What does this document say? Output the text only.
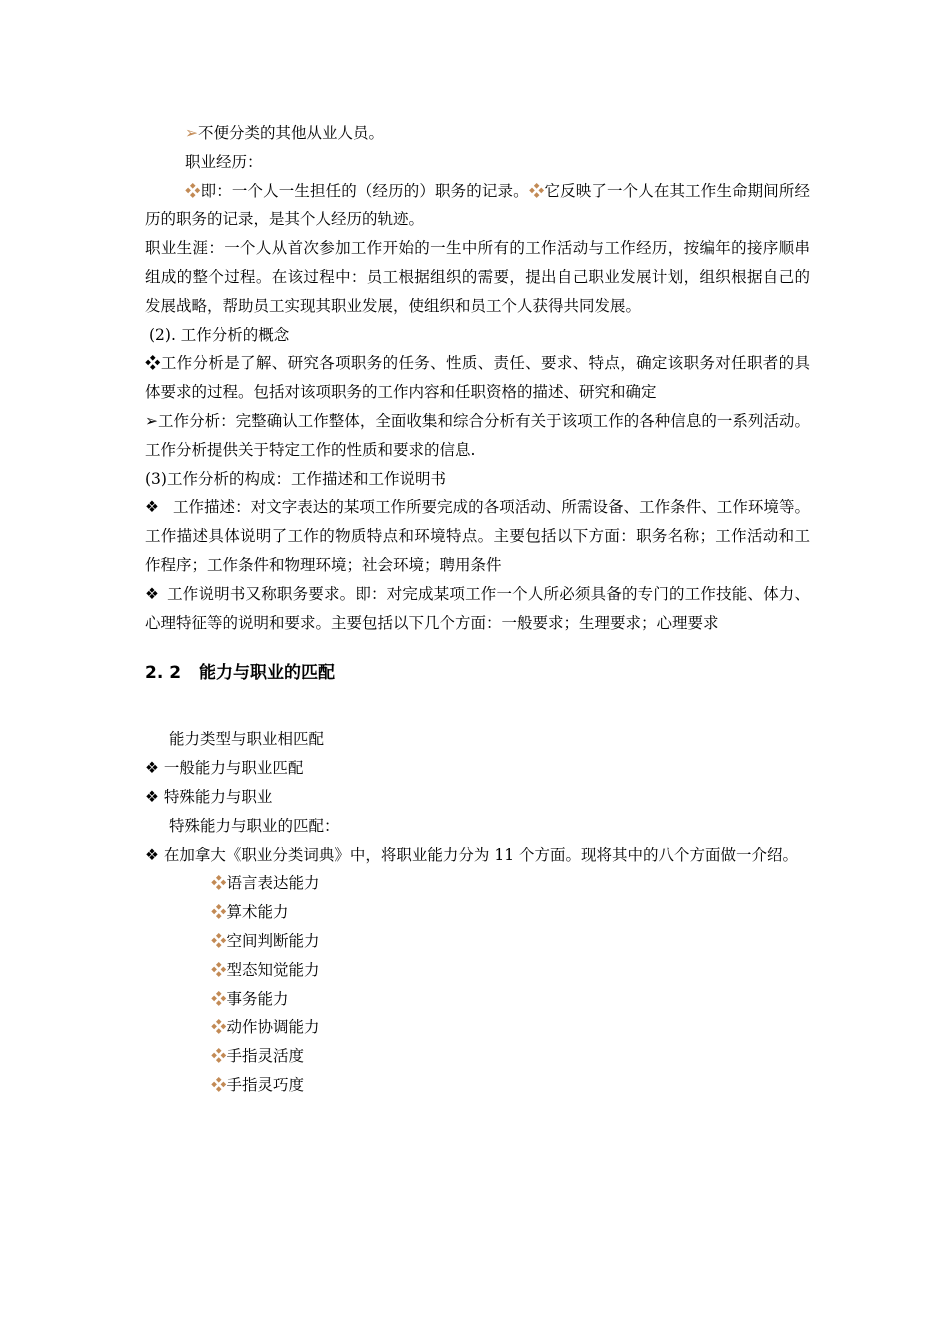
➢不便分类的其他从业人员。

职业经历：

❖即：一个人一生担任的（经历的）职务的记录。❖它反映了一个人在其工作生命期间所经历的职务的记录，是其个人经历的轨迹。

职业生涯：一个人从首次参加工作开始的一生中所有的工作活动与工作经历，按编年的接序顺串组成的整个过程。在该过程中：员工根据组织的需要，提出自己职业发展计划，组织根据自己的发展战略，帮助员工实现其职业发展，使组织和员工个人获得共同发展。

(2). 工作分析的概念

❖工作分析是了解、研究各项职务的任务、性质、责任、要求、特点，确定该职务对任职者的具体要求的过程。包括对该项职务的工作内容和任职资格的描述、研究和确定

➢工作分析：完整确认工作整体，全面收集和综合分析有关于该项工作的各种信息的一系列活动。工作分析提供关于特定工作的性质和要求的信息.

(3)工作分析的构成：工作描述和工作说明书

❖ 工作描述：对文字表达的某项工作所要完成的各项活动、所需设备、工作条件、工作环境等。工作描述具体说明了工作的物质特点和环境特点。主要包括以下方面：职务名称；工作活动和工作程序；工作条件和物理环境；社会环境；聘用条件

❖ 工作说明书又称职务要求。即：对完成某项工作一个人所必须具备的专门的工作技能、体力、心理特征等的说明和要求。主要包括以下几个方面：一般要求；生理要求；心理要求

2. 2 能力与职业的匹配

能力类型与职业相匹配

❖ 一般能力与职业匹配

❖ 特殊能力与职业

特殊能力与职业的匹配：

❖ 在加拿大《职业分类词典》中，将职业能力分为 11 个方面。现将其中的八个方面做一介绍。

❖语言表达能力
❖算术能力
❖空间判断能力
❖型态知觉能力
❖事务能力
❖动作协调能力
❖手指灵活度
❖手指灵巧度
